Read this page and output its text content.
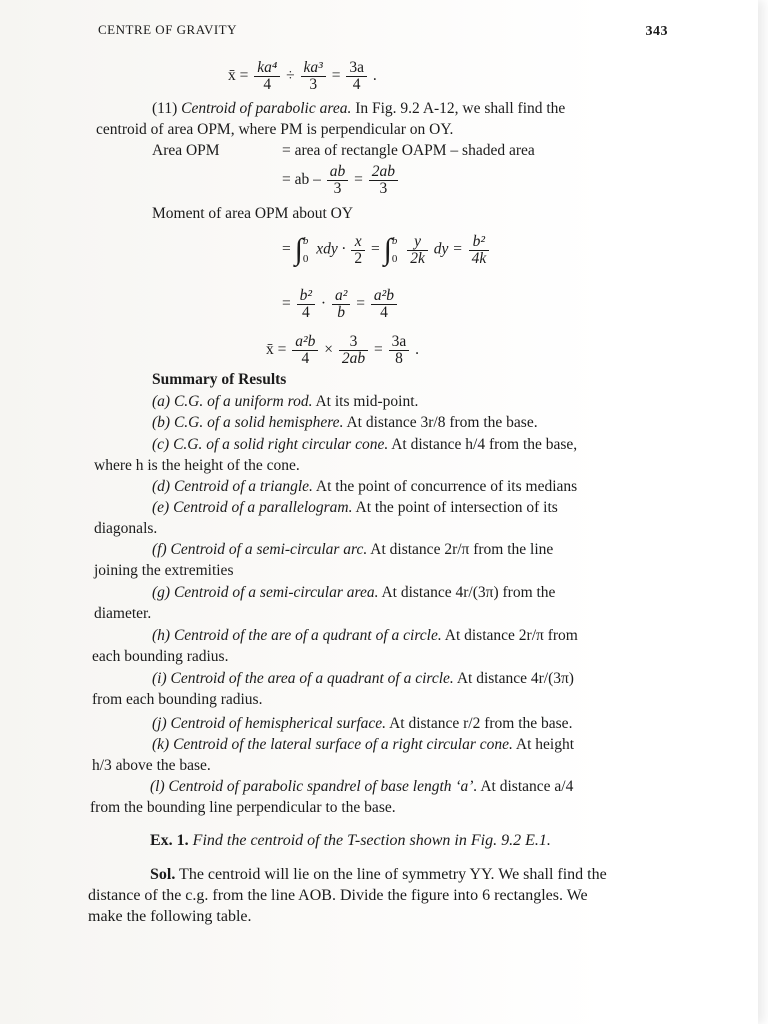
CENTRE OF GRAVITY	343
x̄ = $\frac{\text{ka⁴}}{4} \div \frac{\text{ka³}}{3} = \frac{3a}{4}$ .
(11) Centroid of parabolic area. In Fig. 9.2 A-12, we shall find the
centroid of area OPM, where PM is perpendicular on OY.
Area OPM	= area of rectangle OAPM – shaded area
= ab – $\frac{ab}{3} = \frac{2ab}{3}$
Moment of area OPM about OY
= ∫ b
0
xdy · $\frac{x}{2}$ = ∫ b
0
$\frac{y}{2k}$ dy = $\frac{\text{b²}}{4k}$
= $\frac{\text{b²}}{4} \cdot \frac{\text{a²}}{b} = \frac{\text{a²b}}{4}$
x̄ = $\frac{\text{a²b}}{4} \times \frac{3}{2ab} = \frac{3a}{8}$ .
Summary of Results
(a) C.G. of a uniform rod. At its mid-point.
(b) C.G. of a solid hemisphere. At distance 3r/8 from the base.
(c) C.G. of a solid right circular cone. At distance h/4 from the base,
where h is the height of the cone.
(d) Centroid of a triangle. At the point of concurrence of its medians
(e) Centroid of a parallelogram. At the point of intersection of its
diagonals.
(f) Centroid of a semi-circular arc. At distance 2r/π from the line
joining the extremities
(g) Centroid of a semi-circular area. At distance 4r/(3π) from the
diameter.
(h) Centroid of the are of a qudrant of a circle. At distance 2r/π from
each bounding radius.
(i) Centroid of the area of a quadrant of a circle. At distance 4r/(3π)
from each bounding radius.
(j) Centroid of hemispherical surface. At distance r/2 from the base.
(k) Centroid of the lateral surface of a right circular cone. At height
h/3 above the base.
(l) Centroid of parabolic spandrel of base length ‘a’. At distance a/4
from the bounding line perpendicular to the base.
Ex. 1. Find the centroid of the T-section shown in Fig. 9.2 E.1.
Sol. The centroid will lie on the line of symmetry YY. We shall find the
distance of the c.g. from the line AOB. Divide the figure into 6 rectangles. We
make the following table.
